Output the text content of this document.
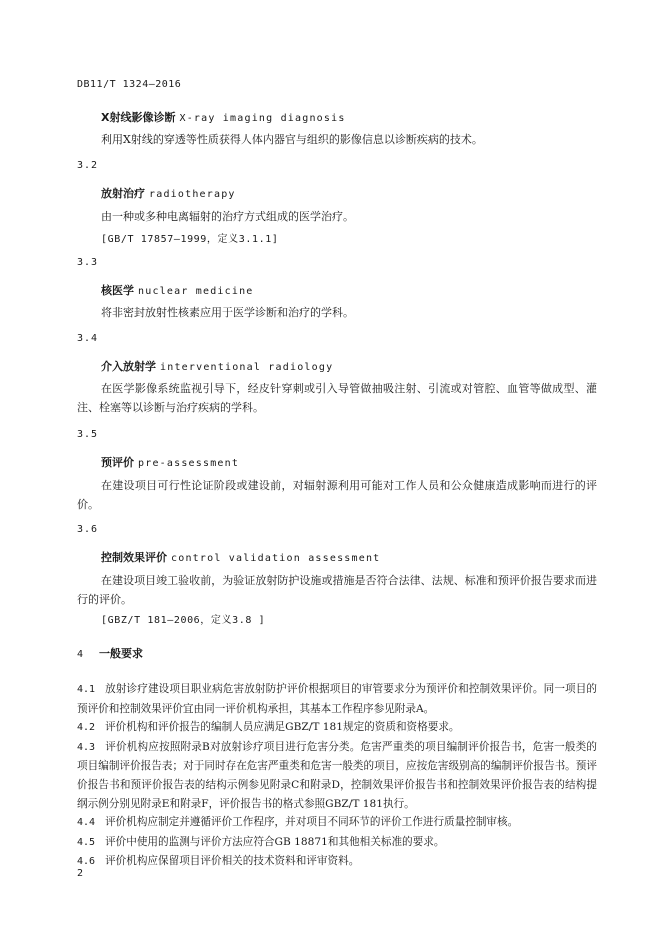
DB11/T 1324—2016
X射线影像诊断 X-ray imaging diagnosis
利用X射线的穿透等性质获得人体内器官与组织的影像信息以诊断疾病的技术。
3.2
放射治疗 radiotherapy
由一种或多种电离辐射的治疗方式组成的医学治疗。
[GB/T 17857—1999，定义3.1.1]
3.3
核医学 nuclear medicine
将非密封放射性核素应用于医学诊断和治疗的学科。
3.4
介入放射学 interventional radiology
在医学影像系统监视引导下，经皮针穿刺或引入导管做抽吸注射、引流或对管腔、血管等做成型、灌注、栓塞等以诊断与治疗疾病的学科。
3.5
预评价 pre-assessment
在建设项目可行性论证阶段或建设前，对辐射源利用可能对工作人员和公众健康造成影响而进行的评价。
3.6
控制效果评价 control validation assessment
在建设项目竣工验收前，为验证放射防护设施或措施是否符合法律、法规、标准和预评价报告要求而进行的评价。
[GBZ/T 181—2006，定义3.8 ]
4 一般要求
4.1 放射诊疗建设项目职业病危害放射防护评价根据项目的审管要求分为预评价和控制效果评价。同一项目的预评价和控制效果评价宜由同一评价机构承担，其基本工作程序参见附录A。
4.2 评价机构和评价报告的编制人员应满足GBZ/T 181规定的资质和资格要求。
4.3 评价机构应按照附录B对放射诊疗项目进行危害分类。危害严重类的项目编制评价报告书，危害一般类的项目编制评价报告表；对于同时存在危害严重类和危害一般类的项目，应按危害级别高的编制评价报告书。预评价报告书和预评价报告表的结构示例参见附录C和附录D，控制效果评价报告书和控制效果评价报告表的结构提纲示例分别见附录E和附录F，评价报告书的格式参照GBZ/T 181执行。
4.4 评价机构应制定并遵循评价工作程序，并对项目不同环节的评价工作进行质量控制审核。
4.5 评价中使用的监测与评价方法应符合GB 18871和其他相关标准的要求。
4.6 评价机构应保留项目评价相关的技术资料和评审资料。
2
